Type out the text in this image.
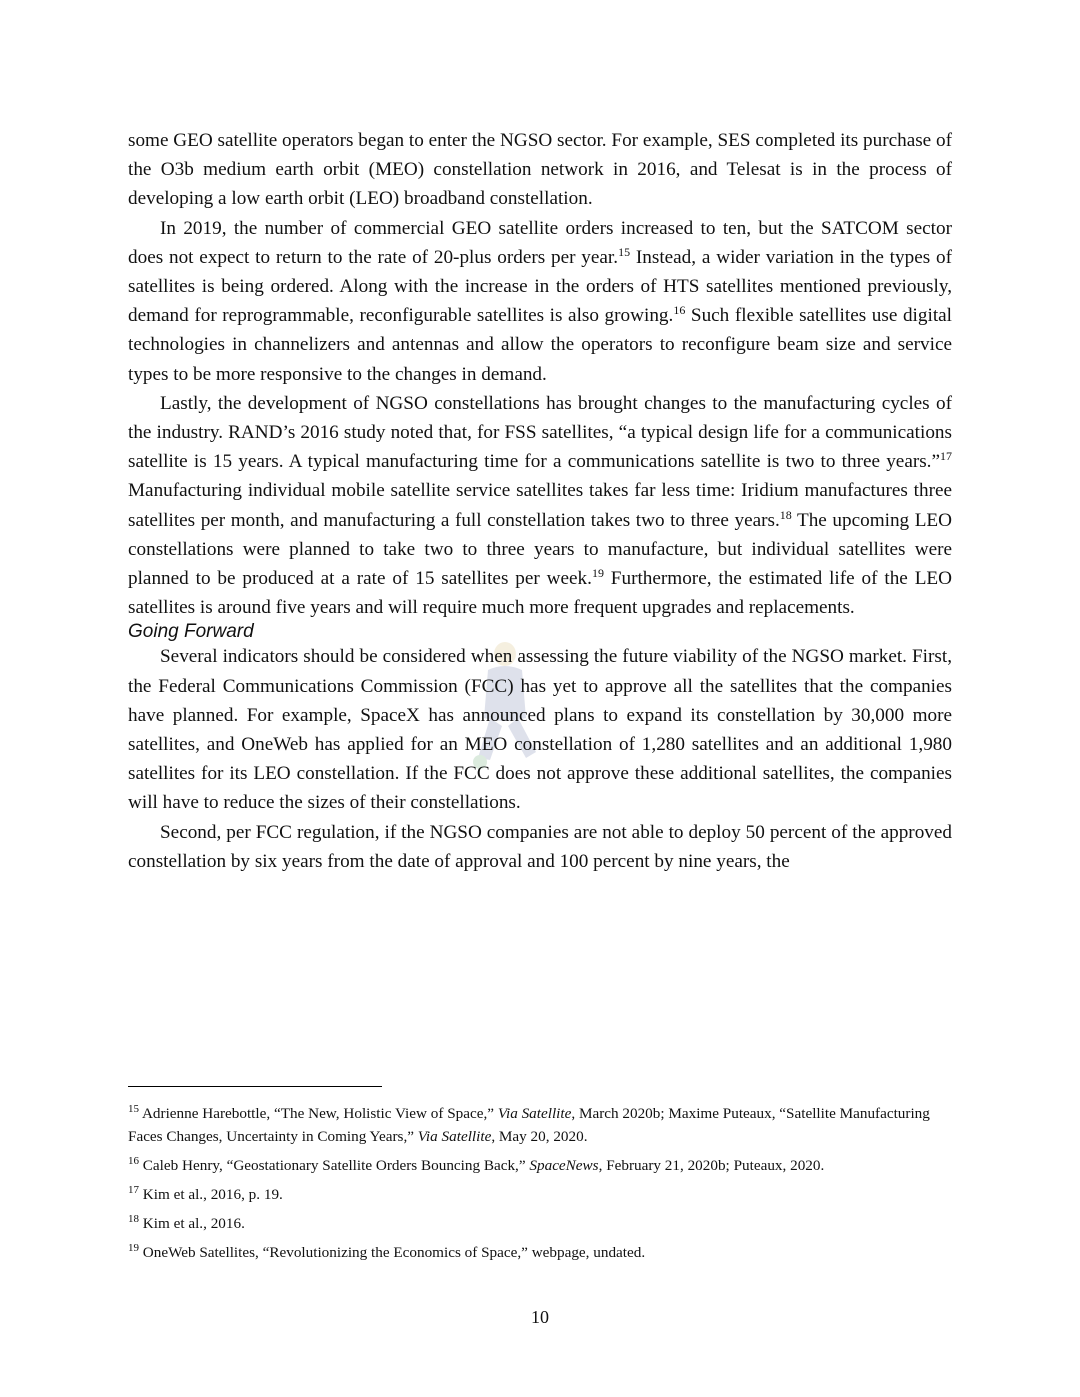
some GEO satellite operators began to enter the NGSO sector. For example, SES completed its purchase of the O3b medium earth orbit (MEO) constellation network in 2016, and Telesat is in the process of developing a low earth orbit (LEO) broadband constellation.

In 2019, the number of commercial GEO satellite orders increased to ten, but the SATCOM sector does not expect to return to the rate of 20-plus orders per year.$^{15}$ Instead, a wider variation in the types of satellites is being ordered. Along with the increase in the orders of HTS satellites mentioned previously, demand for reprogrammable, reconfigurable satellites is also growing.$^{16}$ Such flexible satellites use digital technologies in channelizers and antennas and allow the operators to reconfigure beam size and service types to be more responsive to the changes in demand.

Lastly, the development of NGSO constellations has brought changes to the manufacturing cycles of the industry. RAND’s 2016 study noted that, for FSS satellites, “a typical design life for a communications satellite is 15 years. A typical manufacturing time for a communications satellite is two to three years.”$^{17}$ Manufacturing individual mobile satellite service satellites takes far less time: Iridium manufactures three satellites per month, and manufacturing a full constellation takes two to three years.$^{18}$ The upcoming LEO constellations were planned to take two to three years to manufacture, but individual satellites were planned to be produced at a rate of 15 satellites per week.$^{19}$ Furthermore, the estimated life of the LEO satellites is around five years and will require much more frequent upgrades and replacements.

Going Forward

Several indicators should be considered when assessing the future viability of the NGSO market. First, the Federal Communications Commission (FCC) has yet to approve all the satellites that the companies have planned. For example, SpaceX has announced plans to expand its constellation by 30,000 more satellites, and OneWeb has applied for an MEO constellation of 1,280 satellites and an additional 1,980 satellites for its LEO constellation. If the FCC does not approve these additional satellites, the companies will have to reduce the sizes of their constellations.

Second, per FCC regulation, if the NGSO companies are not able to deploy 50 percent of the approved constellation by six years from the date of approval and 100 percent by nine years, the

$^{15}$ Adrienne Harebottle, “The New, Holistic View of Space,” Via Satellite, March 2020b; Maxime Puteaux, “Satellite Manufacturing Faces Changes, Uncertainty in Coming Years,” Via Satellite, May 20, 2020.

$^{16}$ Caleb Henry, “Geostationary Satellite Orders Bouncing Back,” SpaceNews, February 21, 2020b; Puteaux, 2020.

$^{17}$ Kim et al., 2016, p. 19.

$^{18}$ Kim et al., 2016.

$^{19}$ OneWeb Satellites, “Revolutionizing the Economics of Space,” webpage, undated.

10
